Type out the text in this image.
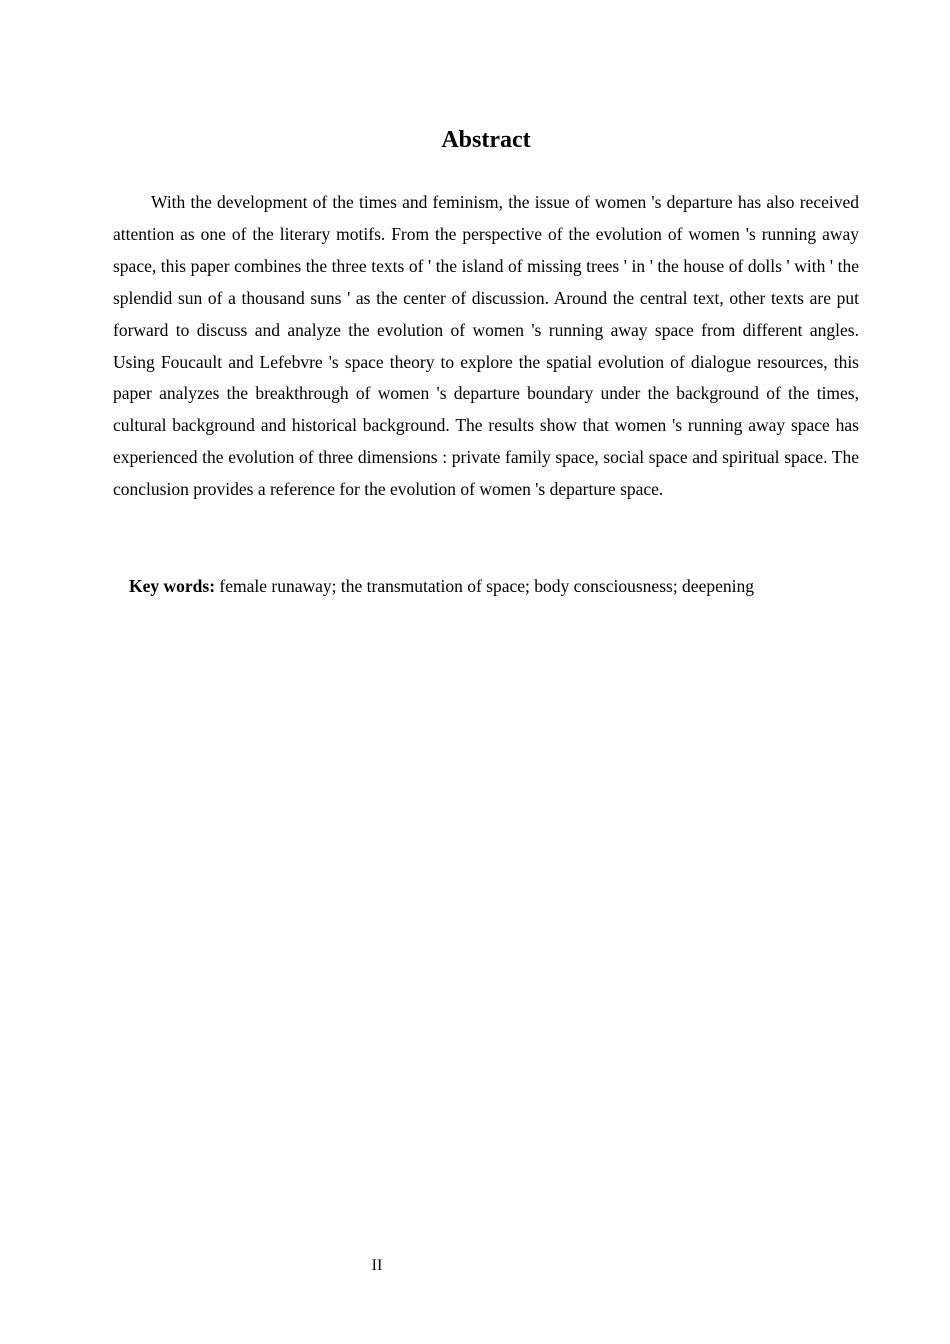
Abstract

With the development of the times and feminism, the issue of women 's departure has also received attention as one of the literary motifs. From the perspective of the evolution of women 's running away space, this paper combines the three texts of ' the island of missing trees ' in ' the house of dolls ' with ' the splendid sun of a thousand suns ' as the center of discussion. Around the central text, other texts are put forward to discuss and analyze the evolution of women 's running away space from different angles. Using Foucault and Lefebvre 's space theory to explore the spatial evolution of dialogue resources, this paper analyzes the breakthrough of women 's departure boundary under the background of the times, cultural background and historical background. The results show that women 's running away space has experienced the evolution of three dimensions : private family space, social space and spiritual space. The conclusion provides a reference for the evolution of women 's departure space.

Key words: female runaway; the transmutation of space; body consciousness; deepening

II
